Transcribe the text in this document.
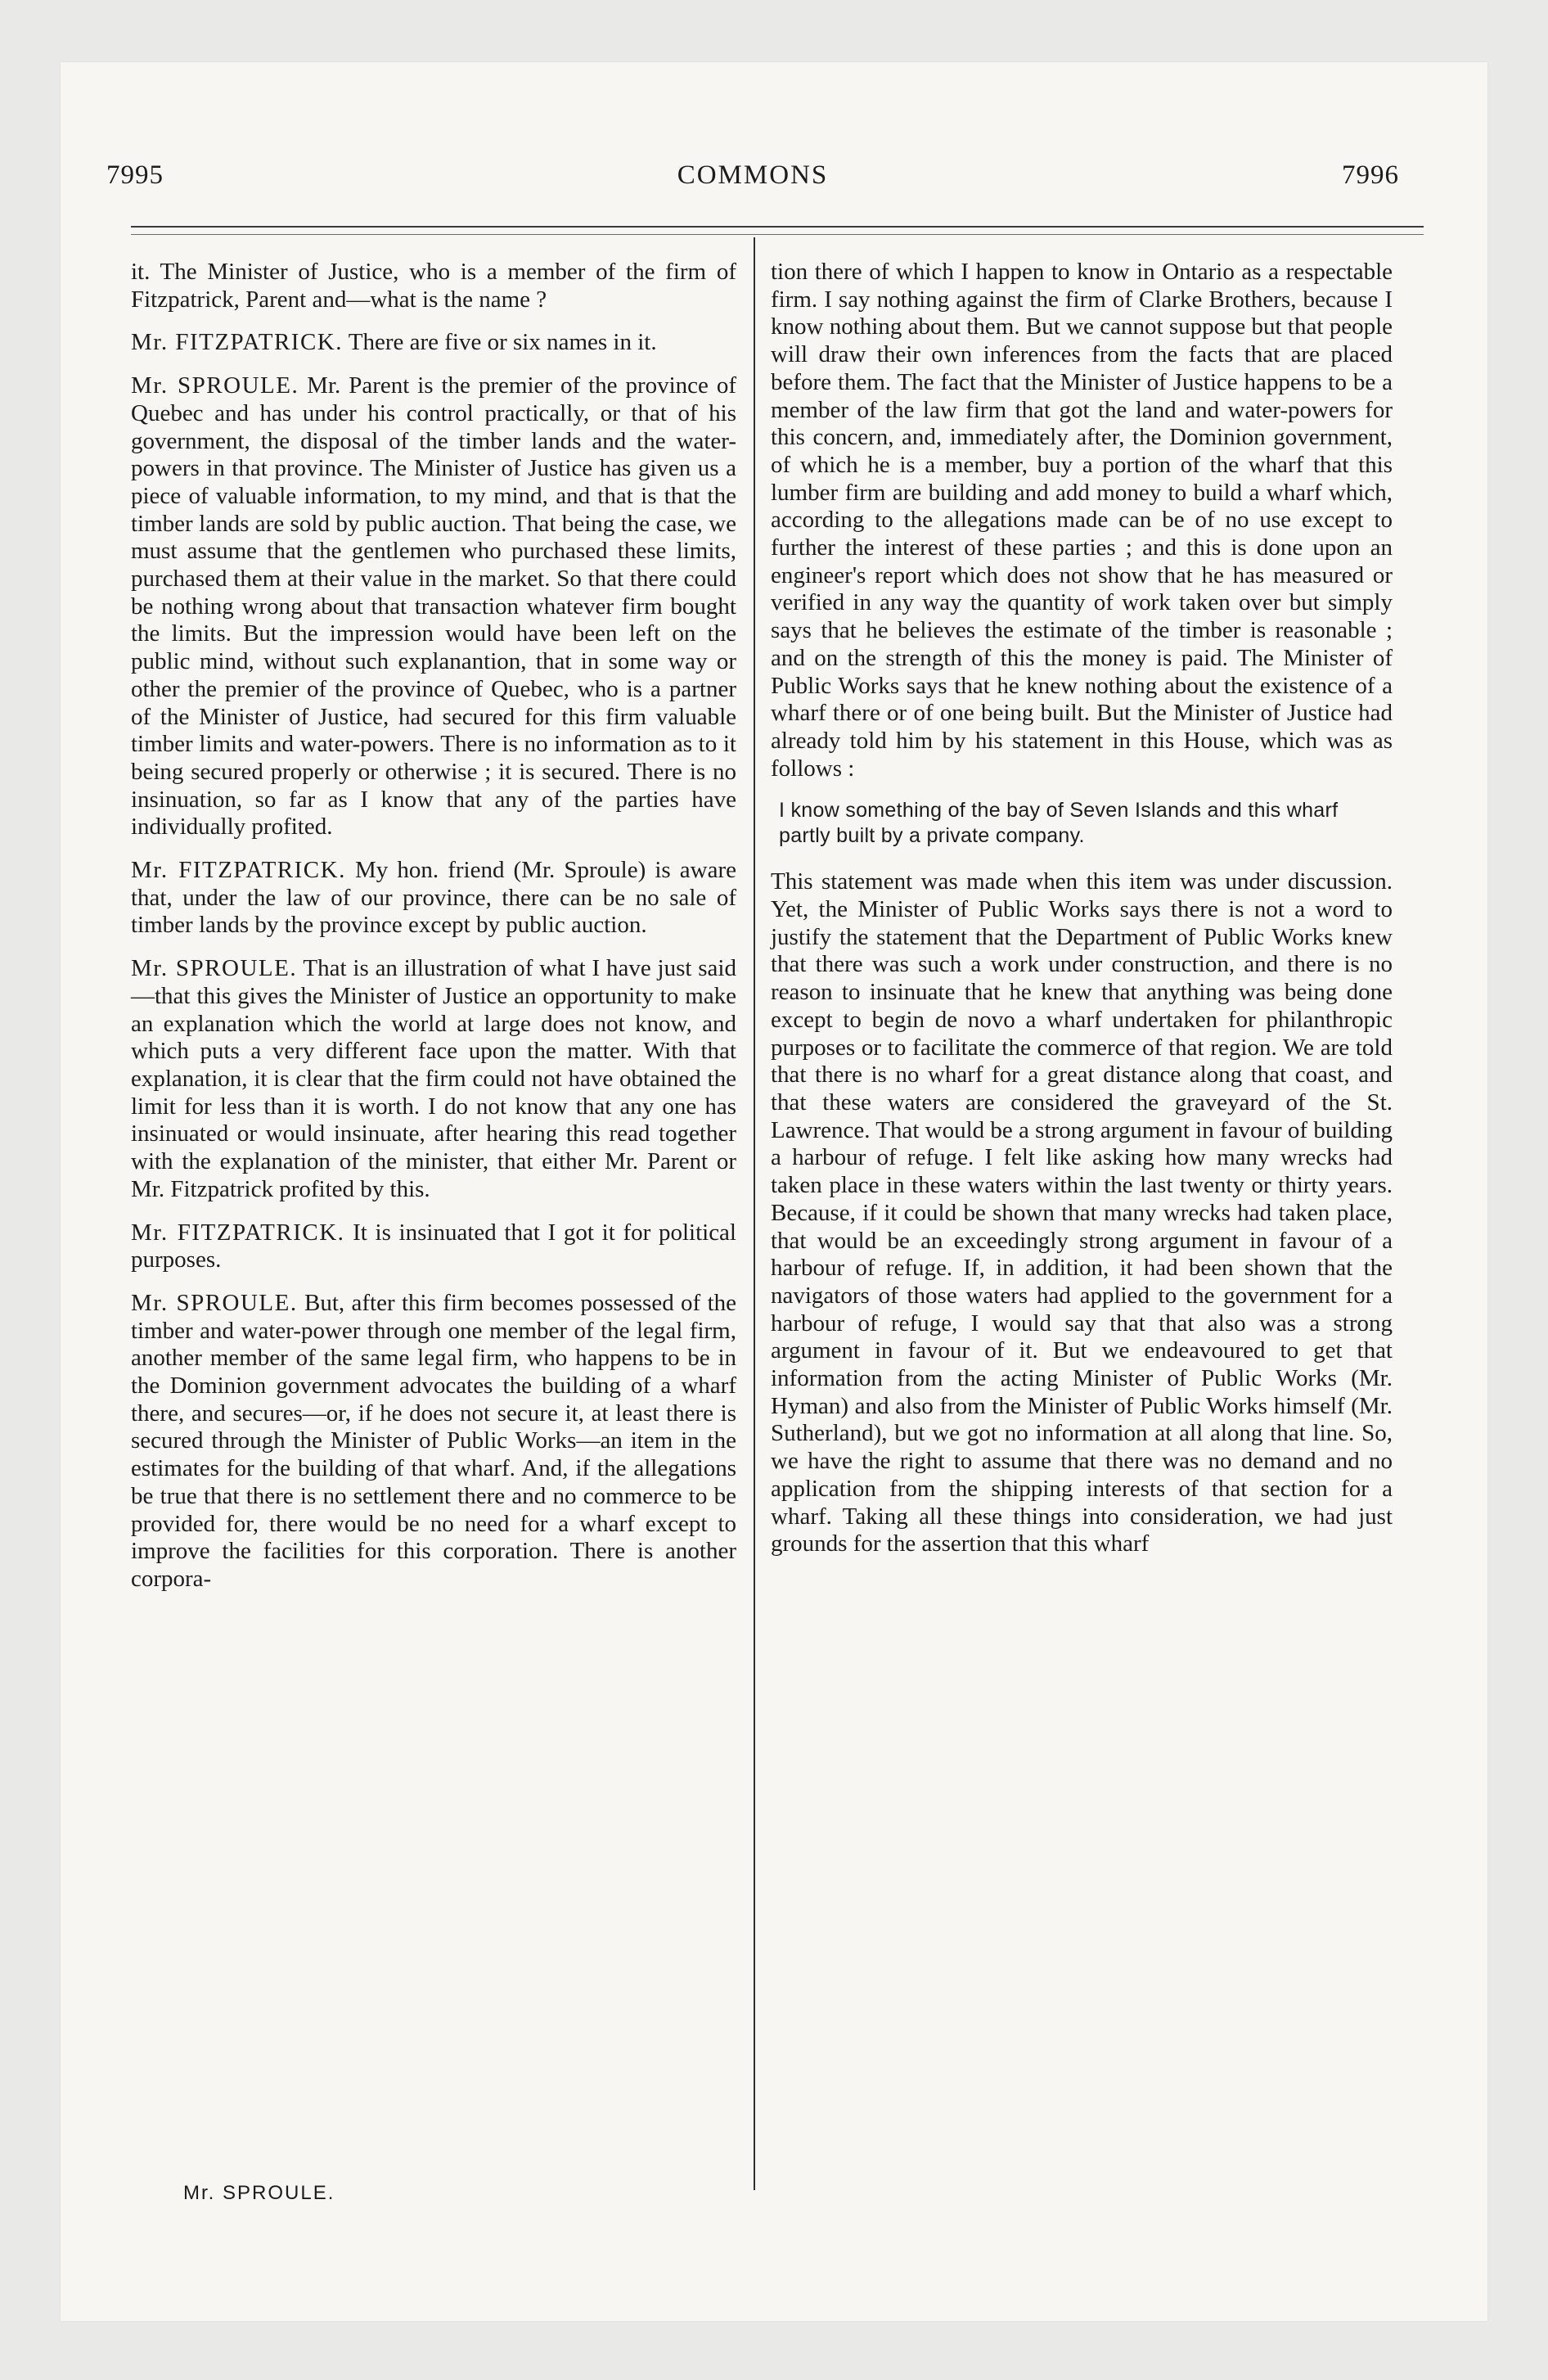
7995	COMMONS	7996

it. The Minister of Justice, who is a member of the firm of Fitzpatrick, Parent and—what is the name ?

Mr. FITZPATRICK. There are five or six names in it.

Mr. SPROULE. Mr. Parent is the premier of the province of Quebec and has under his control practically, or that of his government, the disposal of the timber lands and the water-powers in that province. The Minister of Justice has given us a piece of valuable information, to my mind, and that is that the timber lands are sold by public auction. That being the case, we must assume that the gentlemen who purchased these limits, purchased them at their value in the market. So that there could be nothing wrong about that transaction whatever firm bought the limits. But the impression would have been left on the public mind, without such explanantion, that in some way or other the premier of the province of Quebec, who is a partner of the Minister of Justice, had secured for this firm valuable timber limits and water-powers. There is no information as to it being secured properly or otherwise ; it is secured. There is no insinuation, so far as I know that any of the parties have individually profited.

Mr. FITZPATRICK. My hon. friend (Mr. Sproule) is aware that, under the law of our province, there can be no sale of timber lands by the province except by public auction.

Mr. SPROULE. That is an illustration of what I have just said—that this gives the Minister of Justice an opportunity to make an explanation which the world at large does not know, and which puts a very different face upon the matter. With that explanation, it is clear that the firm could not have obtained the limit for less than it is worth. I do not know that any one has insinuated or would insinuate, after hearing this read together with the explanation of the minister, that either Mr. Parent or Mr. Fitzpatrick profited by this.

Mr. FITZPATRICK. It is insinuated that I got it for political purposes.

Mr. SPROULE. But, after this firm becomes possessed of the timber and water-power through one member of the legal firm, another member of the same legal firm, who happens to be in the Dominion government advocates the building of a wharf there, and secures—or, if he does not secure it, at least there is secured through the Minister of Public Works—an item in the estimates for the building of that wharf. And, if the allegations be true that there is no settlement there and no commerce to be provided for, there would be no need for a wharf except to improve the facilities for this corporation. There is another corpora-

tion there of which I happen to know in Ontario as a respectable firm. I say nothing against the firm of Clarke Brothers, because I know nothing about them. But we cannot suppose but that people will draw their own inferences from the facts that are placed before them. The fact that the Minister of Justice happens to be a member of the law firm that got the land and water-powers for this concern, and, immediately after, the Dominion government, of which he is a member, buy a portion of the wharf that this lumber firm are building and add money to build a wharf which, according to the allegations made can be of no use except to further the interest of these parties ; and this is done upon an engineer's report which does not show that he has measured or verified in any way the quantity of work taken over but simply says that he believes the estimate of the timber is reasonable ; and on the strength of this the money is paid. The Minister of Public Works says that he knew nothing about the existence of a wharf there or of one being built. But the Minister of Justice had already told him by his statement in this House, which was as follows :

I know something of the bay of Seven Islands and this wharf partly built by a private company.

This statement was made when this item was under discussion. Yet, the Minister of Public Works says there is not a word to justify the statement that the Department of Public Works knew that there was such a work under construction, and there is no reason to insinuate that he knew that anything was being done except to begin de novo a wharf undertaken for philanthropic purposes or to facilitate the commerce of that region. We are told that there is no wharf for a great distance along that coast, and that these waters are considered the graveyard of the St. Lawrence. That would be a strong argument in favour of building a harbour of refuge. I felt like asking how many wrecks had taken place in these waters within the last twenty or thirty years. Because, if it could be shown that many wrecks had taken place, that would be an exceedingly strong argument in favour of a harbour of refuge. If, in addition, it had been shown that the navigators of those waters had applied to the government for a harbour of refuge, I would say that that also was a strong argument in favour of it. But we endeavoured to get that information from the acting Minister of Public Works (Mr. Hyman) and also from the Minister of Public Works himself (Mr. Sutherland), but we got no information at all along that line. So, we have the right to assume that there was no demand and no application from the shipping interests of that section for a wharf. Taking all these things into consideration, we had just grounds for the assertion that this wharf

Mr. SPROULE.
